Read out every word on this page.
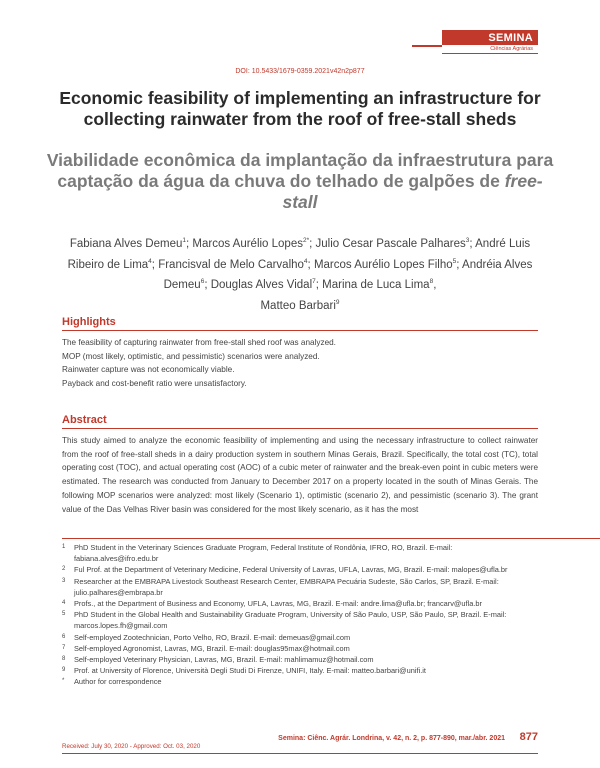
SEMINA
Ciências Agrárias
DOI: 10.5433/1679-0359.2021v42n2p877
Economic feasibility of implementing an infrastructure for collecting rainwater from the roof of free-stall sheds
Viabilidade econômica da implantação da infraestrutura para captação da água da chuva do telhado de galpões de free-stall
Fabiana Alves Demeu$^1$; Marcos Aurélio Lopes$^{2*}$; Julio Cesar Pascale Palhares$^3$; André Luis Ribeiro de Lima$^4$; Francisval de Melo Carvalho$^4$; Marcos Aurélio Lopes Filho$^5$; Andréia Alves Demeu$^6$; Douglas Alves Vidal$^7$; Marina de Luca Lima$^8$,
Matteo Barbari$^9$
Highlights
The feasibility of capturing rainwater from free-stall shed roof was analyzed.
MOP (most likely, optimistic, and pessimistic) scenarios were analyzed.
Rainwater capture was not economically viable.
Payback and cost-benefit ratio were unsatisfactory.
Abstract
This study aimed to analyze the economic feasibility of implementing and using the necessary infrastructure to collect rainwater from the roof of free-stall sheds in a dairy production system in southern Minas Gerais, Brazil. Specifically, the total cost (TC), total operating cost (TOC), and actual operating cost (AOC) of a cubic meter of rainwater and the break-even point in cubic meters were estimated. The research was conducted from January to December 2017 on a property located in the south of Minas Gerais. The following MOP scenarios were analyzed: most likely (Scenario 1), optimistic (scenario 2), and pessimistic (scenario 3). The grant value of the Das Velhas River basin was considered for the most likely scenario, as it has the most
1 PhD Student in the Veterinary Sciences Graduate Program, Federal Institute of Rondônia, IFRO, RO, Brazil. E-mail: fabiana.alves@ifro.edu.br
2 Ful Prof. at the Department of Veterinary Medicine, Federal University of Lavras, UFLA, Lavras, MG, Brazil. E-mail: malopes@ufla.br
3 Researcher at the EMBRAPA Livestock Southeast Research Center, EMBRAPA Pecuária Sudeste, São Carlos, SP, Brazil. E-mail: julio.palhares@embrapa.br
4 Profs., at the Department of Business and Economy, UFLA, Lavras, MG, Brazil. E-mail: andre.lima@ufla.br; francarv@ufla.br
5 PhD Student in the Global Health and Sustainability Graduate Program, University of São Paulo, USP, São Paulo, SP, Brazil. E-mail: marcos.lopes.fh@gmail.com
6 Self-employed Zootechnician, Porto Velho, RO, Brazil. E-mail: demeuas@gmail.com
7 Self-employed Agronomist, Lavras, MG, Brazil. E-mail: douglas95max@hotmail.com
8 Self-employed Veterinary Physician, Lavras, MG, Brazil. E-mail: mahlimamuz@hotmail.com
9 Prof. at University of Florence, Università Degli Studi Di Firenze, UNIFI, Italy. E-mail: matteo.barbari@unifi.it
* Author for correspondence
Received: July 30, 2020 - Approved: Oct. 03, 2020
Semina: Ciênc. Agrár. Londrina, v. 42, n. 2, p. 877-890, mar./abr. 2021 877
